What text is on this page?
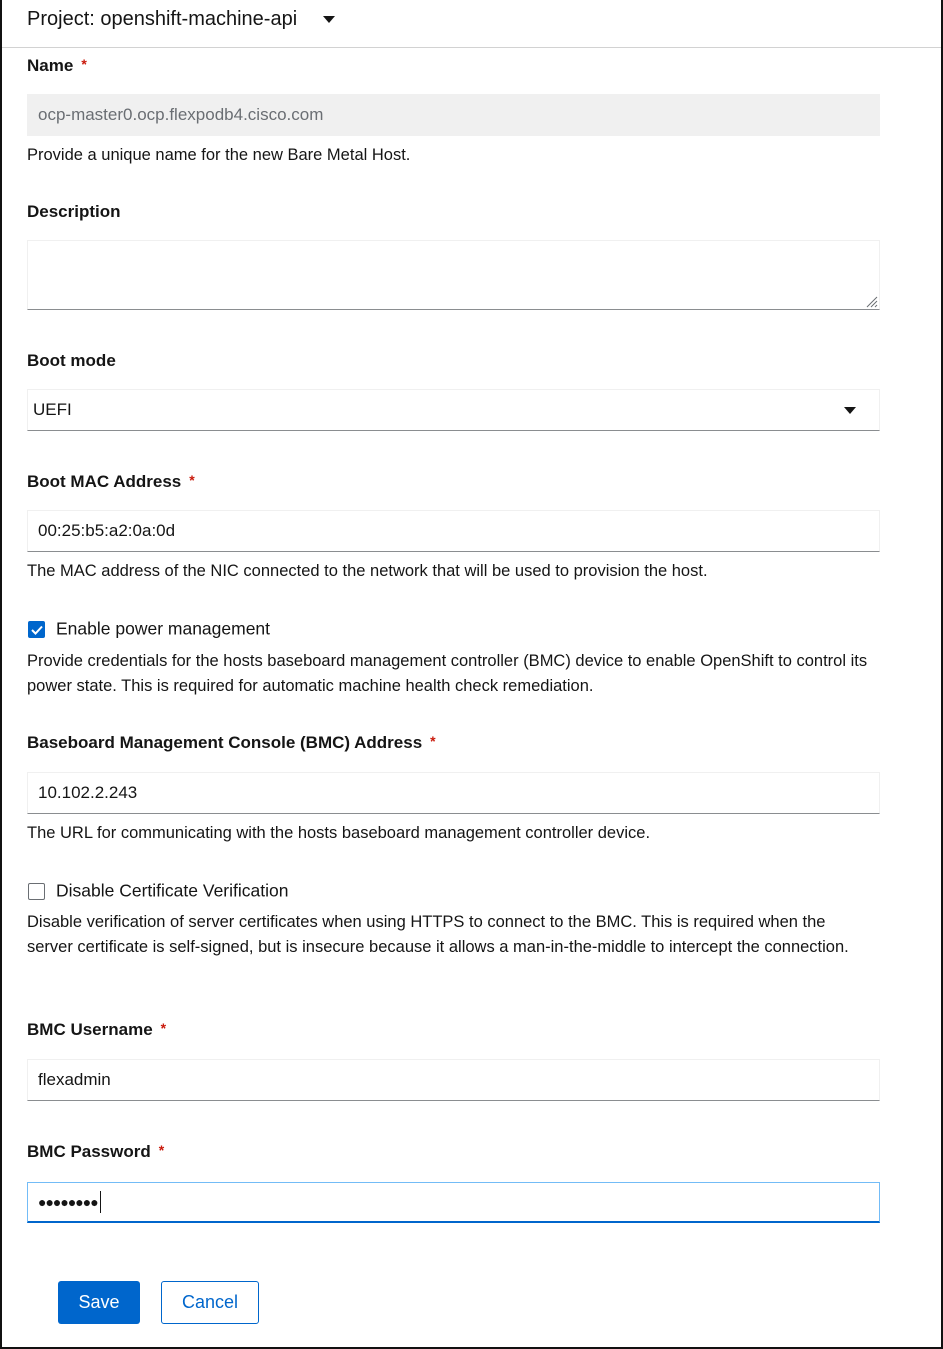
Project: openshift-machine-api
Name *
ocp-master0.ocp.flexpodb4.cisco.com
Provide a unique name for the new Bare Metal Host.
Description
Boot mode
UEFI
Boot MAC Address *
00:25:b5:a2:0a:0d
The MAC address of the NIC connected to the network that will be used to provision the host.
Enable power management
Provide credentials for the hosts baseboard management controller (BMC) device to enable OpenShift to control its power state. This is required for automatic machine health check remediation.
Baseboard Management Console (BMC) Address *
10.102.2.243
The URL for communicating with the hosts baseboard management controller device.
Disable Certificate Verification
Disable verification of server certificates when using HTTPS to connect to the BMC. This is required when the server certificate is self-signed, but is insecure because it allows a man-in-the-middle to intercept the connection.
BMC Username *
flexadmin
BMC Password *
●●●●●●●●
Save	Cancel
